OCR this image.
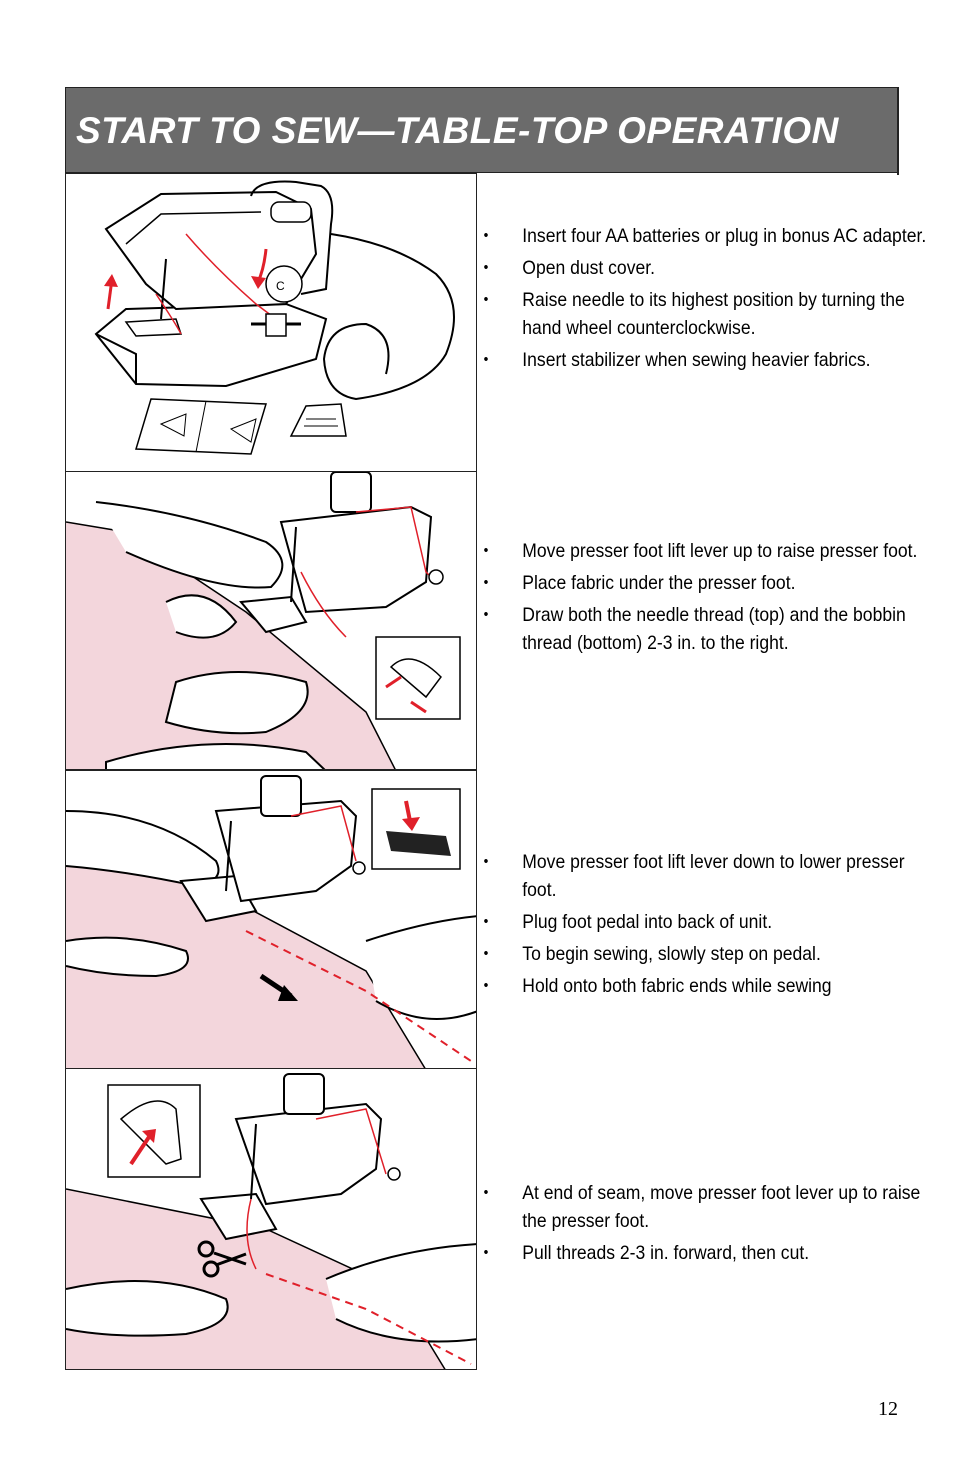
START TO SEW—TABLE-TOP OPERATION
C
• Insert four AA batteries or plug in bonus AC adapter.
• Open dust cover.
• Raise needle to its highest position by turning the hand wheel counterclockwise.
• Insert stabilizer when sewing heavier fabrics.
• Move presser foot lift lever up to raise presser foot.
• Place fabric under the presser foot.
• Draw both the needle thread (top) and the bobbin thread (bottom) 2-3 in. to the right.
• Move presser foot lift lever down to lower presser foot.
• Plug foot pedal into back of unit.
• To begin sewing, slowly step on pedal.
• Hold onto both fabric ends while sewing
• At end of seam, move presser foot lever up to raise the presser foot.
• Pull threads 2-3 in. forward, then cut.
12
